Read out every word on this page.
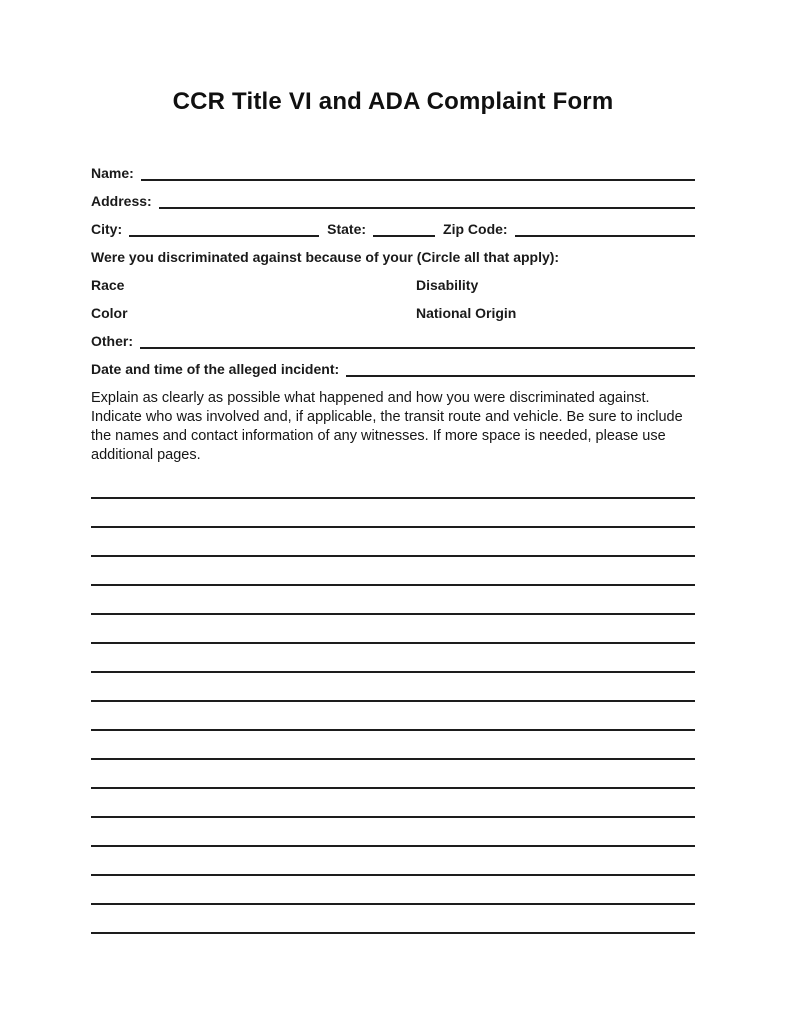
CCR Title VI and ADA Complaint Form
Name:
Address:
City:	State:	Zip Code:
Were you discriminated against because of your (Circle all that apply):
Race	Disability
Color	National Origin
Other:
Date and time of the alleged incident:

Explain as clearly as possible what happened and how you were discriminated against. Indicate who was involved and, if applicable, the transit route and vehicle. Be sure to include the names and contact information of any witnesses. If more space is needed, please use additional pages.
